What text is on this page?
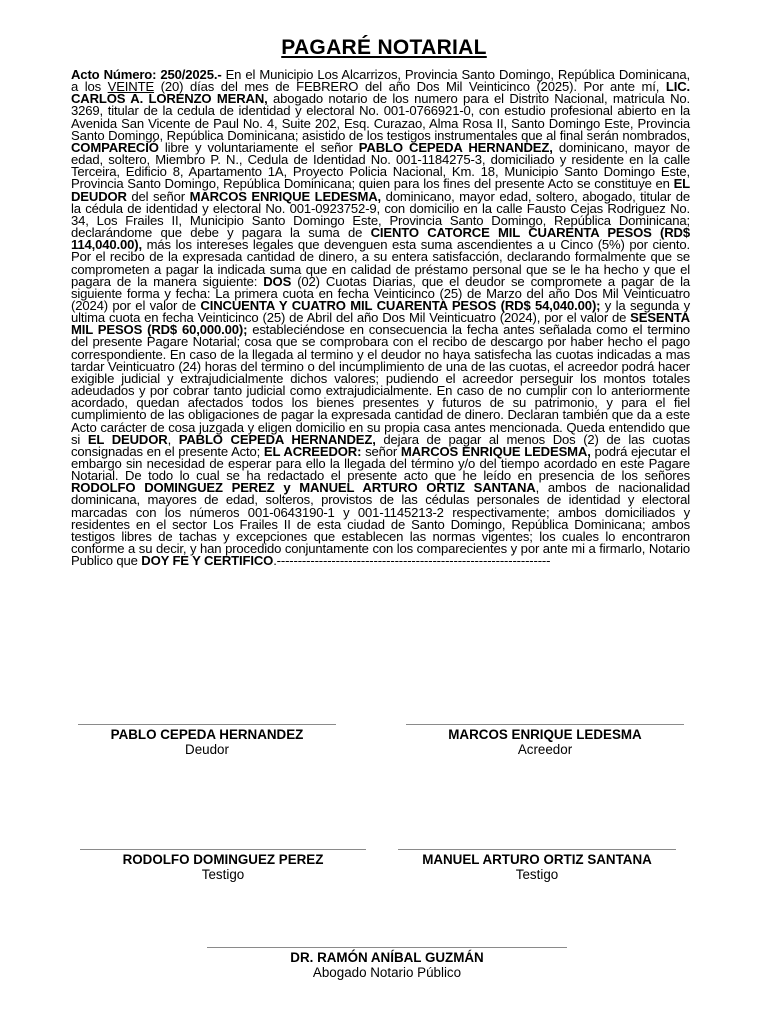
PAGARÉ NOTARIAL
Acto Número: 250/2025.- En el Municipio Los Alcarrizos, Provincia Santo Domingo, República Dominicana, a los VEINTE (20) días del mes de FEBRERO del año Dos Mil Veinticinco (2025). Por ante mí, LIC. CARLOS A. LORENZO MERAN, abogado notario de los numero para el Distrito Nacional, matricula No. 3269, titular de la cedula de identidad y electoral No. 001-0766921-0, con estudio profesional abierto en la Avenida San Vicente de Paul No. 4, Suite 202, Esq. Curazao, Alma Rosa II, Santo Domingo Este, Provincia Santo Domingo, República Dominicana; asistido de los testigos instrumentales que al final serán nombrados, COMPARECIÓ libre y voluntariamente el señor PABLO CEPEDA HERNANDEZ, dominicano, mayor de edad, soltero, Miembro P. N., Cedula de Identidad No. 001-1184275-3, domiciliado y residente en la calle Terceira, Edificio 8, Apartamento 1A, Proyecto Policia Nacional, Km. 18, Municipio Santo Domingo Este, Provincia Santo Domingo, República Dominicana; quien para los fines del presente Acto se constituye en EL DEUDOR del señor MARCOS ENRIQUE LEDESMA, dominicano, mayor edad, soltero, abogado, titular de la cédula de identidad y electoral No. 001-0923752-9, con domicilio en la calle Fausto Cejas Rodriguez No. 34, Los Frailes II, Municipio Santo Domingo Este, Provincia Santo Domingo, República Dominicana; declarándome que debe y pagara la suma de CIENTO CATORCE MIL CUARENTA PESOS (RD$ 114,040.00), más los intereses legales que devenguen esta suma ascendientes a u Cinco (5%) por ciento. Por el recibo de la expresada cantidad de dinero, a su entera satisfacción, declarando formalmente que se comprometen a pagar la indicada suma que en calidad de préstamo personal que se le ha hecho y que el pagara de la manera siguiente: DOS (02) Cuotas Diarias, que el deudor se compromete a pagar de la siguiente forma y fecha: La primera cuota en fecha Veinticinco (25) de Marzo del año Dos Mil Veinticuatro (2024) por el valor de CINCUENTA Y CUATRO MIL CUARENTA PESOS (RD$ 54,040.00); y la segunda y ultima cuota en fecha Veinticinco (25) de Abril del año Dos Mil Veinticuatro (2024), por el valor de SESENTA MIL PESOS (RD$ 60,000.00); estableciéndose en consecuencia la fecha antes señalada como el termino del presente Pagare Notarial; cosa que se comprobara con el recibo de descargo por haber hecho el pago correspondiente. En caso de la llegada al termino y el deudor no haya satisfecha las cuotas indicadas a mas tardar Veinticuatro (24) horas del termino o del incumplimiento de una de las cuotas, el acreedor podrá hacer exigible judicial y extrajudicialmente dichos valores; pudiendo el acreedor perseguir los montos totales adeudados y por cobrar tanto judicial como extrajudicialmente. En caso de no cumplir con lo anteriormente acordado, quedan afectados todos los bienes presentes y futuros de su patrimonio, y para el fiel cumplimiento de las obligaciones de pagar la expresada cantidad de dinero. Declaran también que da a este Acto carácter de cosa juzgada y eligen domicilio en su propia casa antes mencionada. Queda entendido que si EL DEUDOR, PABLO CEPEDA HERNANDEZ, dejara de pagar al menos Dos (2) de las cuotas consignadas en el presente Acto; EL ACREEDOR: señor MARCOS ENRIQUE LEDESMA, podrá ejecutar el embargo sin necesidad de esperar para ello la llegada del término y/o del tiempo acordado en este Pagare Notarial. De todo lo cual se ha redactado el presente acto que he leído en presencia de los señores RODOLFO DOMINGUEZ PEREZ y MANUEL ARTURO ORTIZ SANTANA, ambos de nacionalidad dominicana, mayores de edad, solteros, provistos de las cédulas personales de identidad y electoral marcadas con los números 001-0643190-1 y 001-1145213-2 respectivamente; ambos domiciliados y residentes en el sector Los Frailes II de esta ciudad de Santo Domingo, República Dominicana; ambos testigos libres de tachas y excepciones que establecen las normas vigentes; los cuales lo encontraron conforme a su decir, y han procedido conjuntamente con los comparecientes y por ante mi a firmarlo, Notario Publico que DOY FE Y CERTIFICO.-----------------------------------------------------------------
PABLO CEPEDA HERNANDEZ
Deudor
MARCOS ENRIQUE LEDESMA
Acreedor
RODOLFO DOMINGUEZ PEREZ
Testigo
MANUEL ARTURO ORTIZ SANTANA
Testigo
DR. RAMÓN ANÍBAL GUZMÁN
Abogado Notario Público
